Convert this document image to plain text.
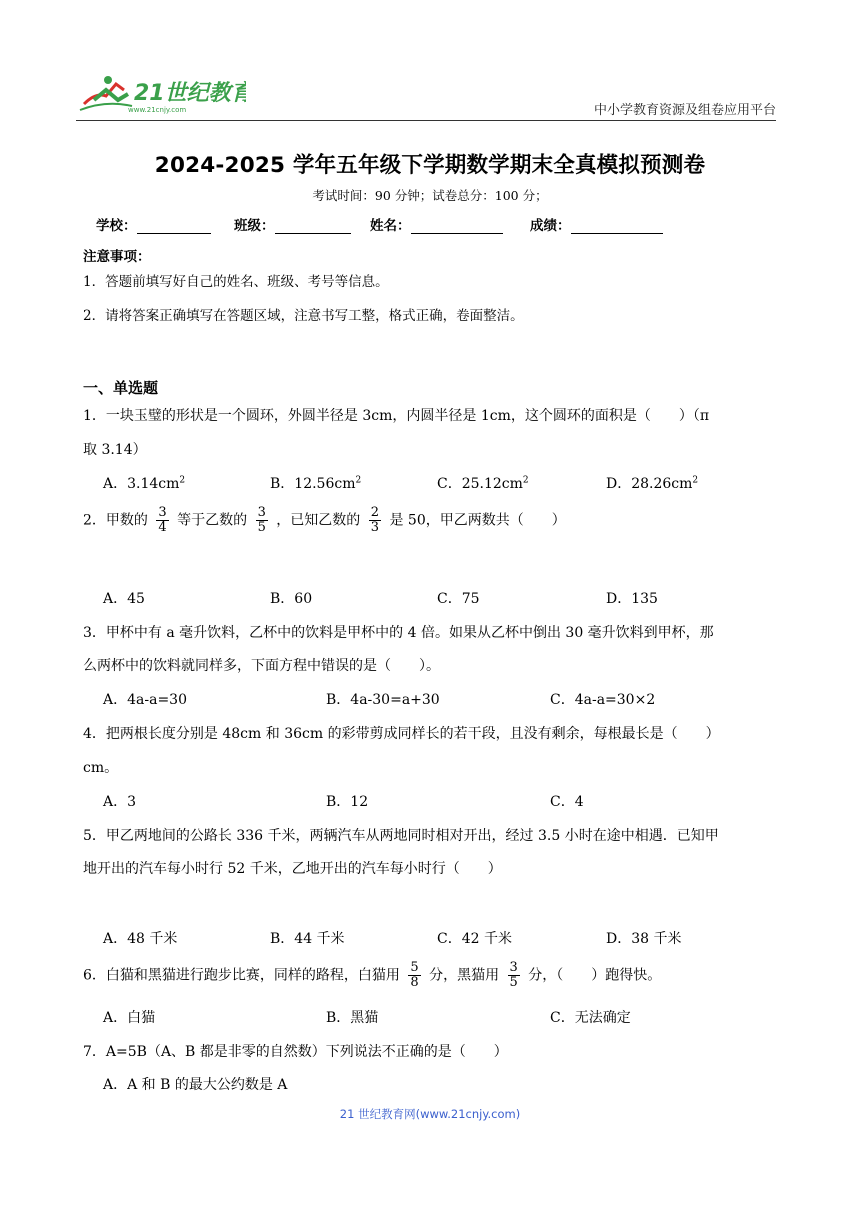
21世纪教育
www.21cnjy.com	中小学教育资源及组卷应用平台
2024-2025 学年五年级下学期数学期末全真模拟预测卷
考试时间：90 分钟；试卷总分：100 分；
学校：	班级：	姓名：	成绩：
注意事项：
1．答题前填写好自己的姓名、班级、考号等信息。
2．请将答案正确填写在答题区域，注意书写工整，格式正确，卷面整洁。
一、单选题
1．一块玉璧的形状是一个圆环，外圆半径是 3cm，内圆半径是 1cm，这个圆环的面积是（　　）（π
取 3.14）
A．$3.14cm^2$	B．$12.56cm^2$	C．$25.12cm^2$	D．$28.26cm^2$
2．甲数的 $\frac{3}{4}$ 等于乙数的 $\frac{3}{5}$ ，已知乙数的 $\frac{2}{3}$ 是 50，甲乙两数共（　　）
A．45	B．60	C．75	D．135
3．甲杯中有 a 毫升饮料，乙杯中的饮料是甲杯中的 4 倍。如果从乙杯中倒出 30 毫升饮料到甲杯，那
么两杯中的饮料就同样多，下面方程中错误的是（　　）。
A．4a-a=30	B．4a-30=a+30	C．4a-a=30×2
4．把两根长度分别是 48cm 和 36cm 的彩带剪成同样长的若干段，且没有剩余，每根最长是（　　）
cm。
A．3	B．12	C．4
5．甲乙两地间的公路长 336 千米，两辆汽车从两地同时相对开出，经过 3.5 小时在途中相遇．已知甲
地开出的汽车每小时行 52 千米，乙地开出的汽车每小时行（　　）
A．48 千米	B．44 千米	C．42 千米	D．38 千米
6．白猫和黑猫进行跑步比赛，同样的路程，白猫用 $\frac{5}{8}$ 分，黑猫用 $\frac{3}{5}$ 分，（　　）跑得快。
A．白猫	B．黑猫	C．无法确定
7．A=5B（A、B 都是非零的自然数）下列说法不正确的是（　　）
A．A 和 B 的最大公约数是 A
21 世纪教育网(www.21cnjy.com)
